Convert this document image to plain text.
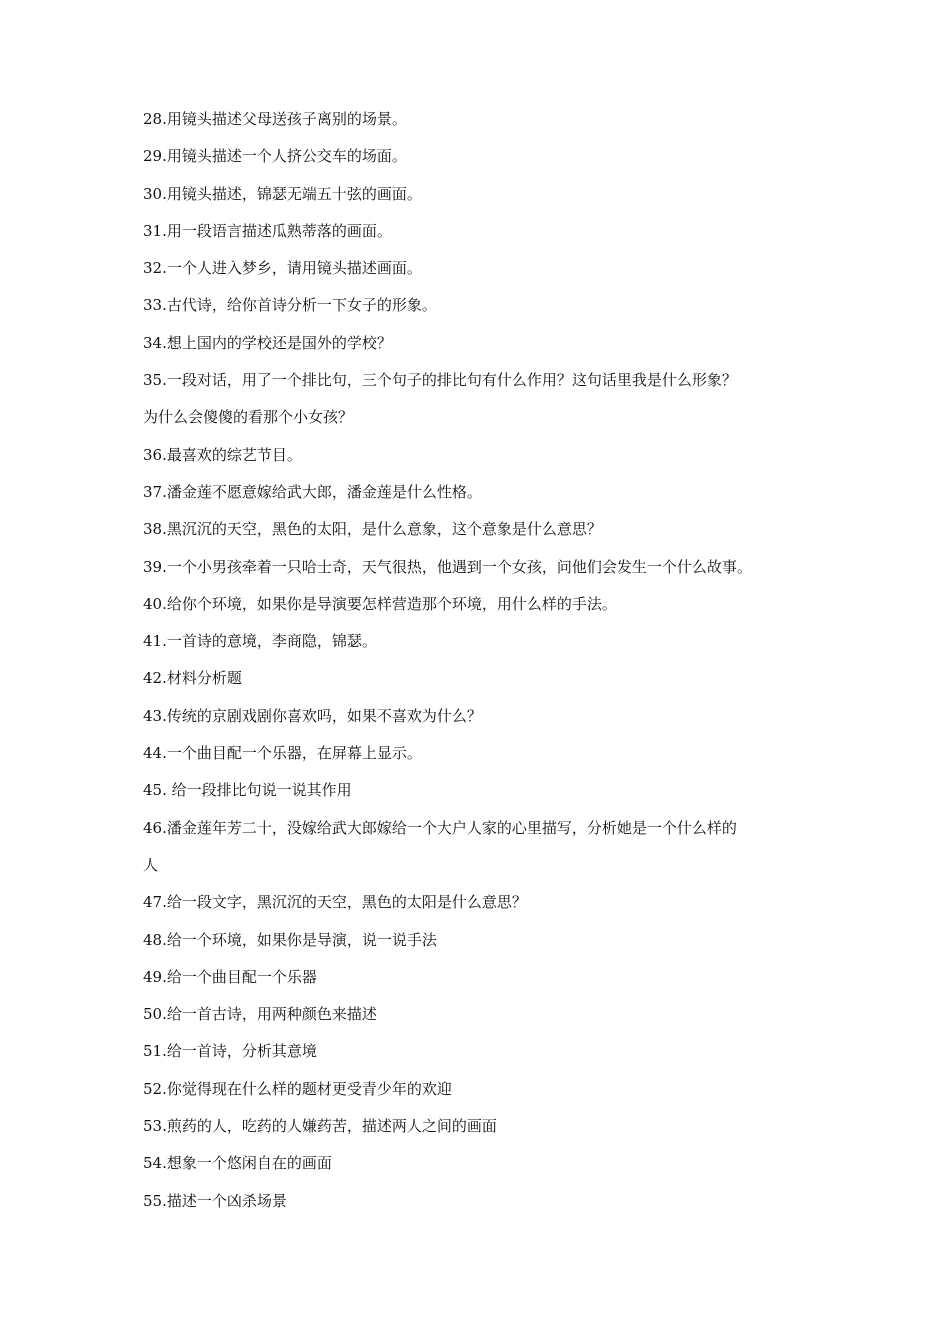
28.用镜头描述父母送孩子离别的场景。
29.用镜头描述一个人挤公交车的场面。
30.用镜头描述，锦瑟无端五十弦的画面。
31.用一段语言描述瓜熟蒂落的画面。
32.一个人进入梦乡，请用镜头描述画面。
33.古代诗，给你首诗分析一下女子的形象。
34.想上国内的学校还是国外的学校？
35.一段对话，用了一个排比句，三个句子的排比句有什么作用？这句话里我是什么形象？
为什么会傻傻的看那个小女孩？
36.最喜欢的综艺节目。
37.潘金莲不愿意嫁给武大郎，潘金莲是什么性格。
38.黑沉沉的天空，黑色的太阳，是什么意象，这个意象是什么意思？
39.一个小男孩牵着一只哈士奇，天气很热，他遇到一个女孩，问他们会发生一个什么故事。
40.给你个环境，如果你是导演要怎样营造那个环境，用什么样的手法。
41.一首诗的意境，李商隐，锦瑟。
42.材料分析题
43.传统的京剧戏剧你喜欢吗，如果不喜欢为什么？
44.一个曲目配一个乐器，在屏幕上显示。
45. 给一段排比句说一说其作用
46.潘金莲年芳二十，没嫁给武大郎嫁给一个大户人家的心里描写，分析她是一个什么样的
人
47.给一段文字，黑沉沉的天空，黑色的太阳是什么意思？
48.给一个环境，如果你是导演，说一说手法
49.给一个曲目配一个乐器
50.给一首古诗，用两种颜色来描述
51.给一首诗，分析其意境
52.你觉得现在什么样的题材更受青少年的欢迎
53.煎药的人，吃药的人嫌药苦，描述两人之间的画面
54.想象一个悠闲自在的画面
55.描述一个凶杀场景
